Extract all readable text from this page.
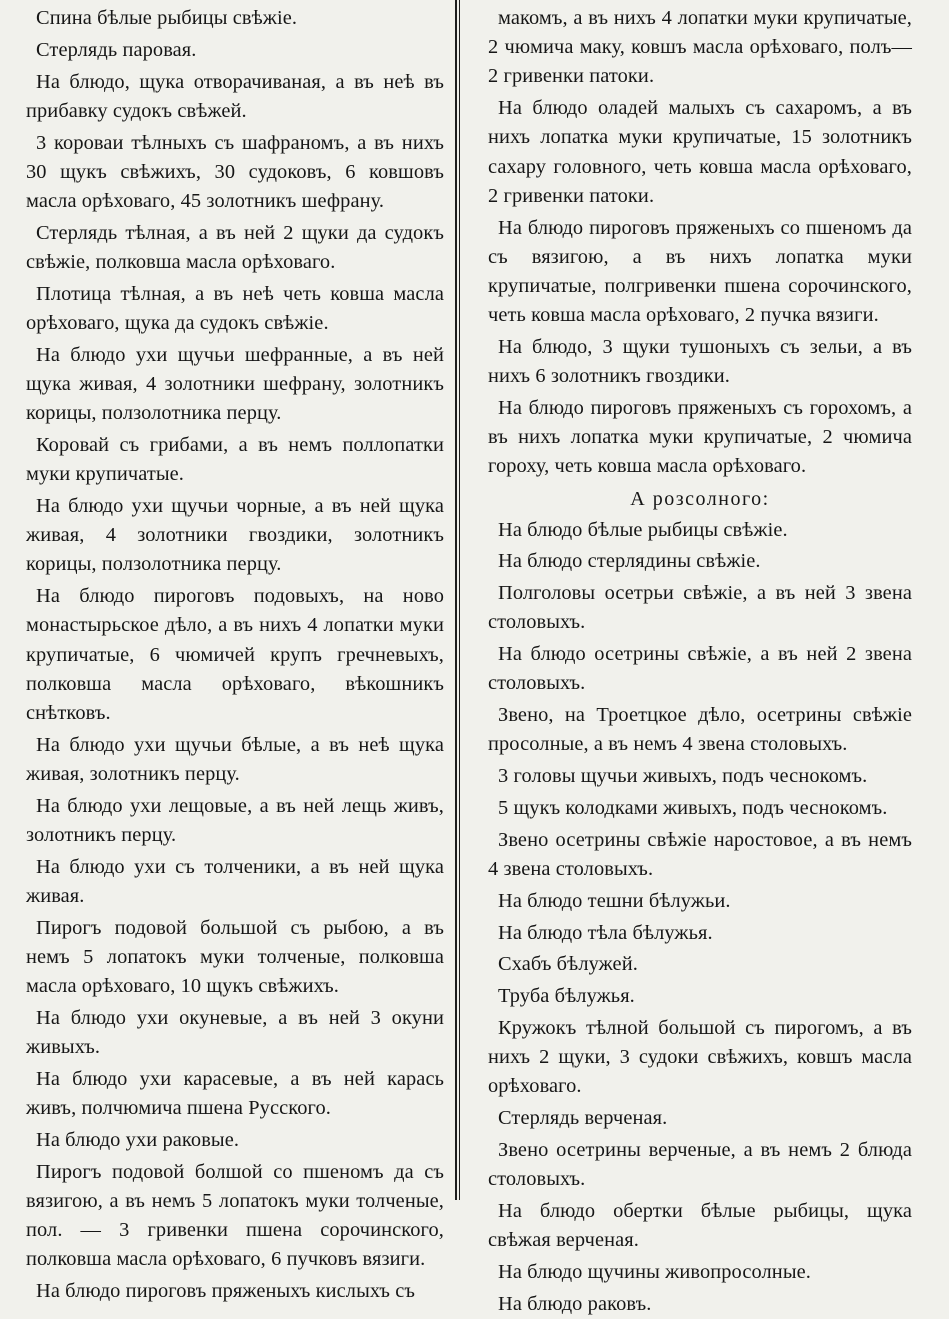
Спина бѣлые рыбицы свѣжіе.

Стерлядь паровая.

На блюдо, щука отворачиваная, а въ неѣ въ прибавку судокъ свѣжей.

3 короваи тѣлныхъ съ шафраномъ, а въ нихъ 30 щукъ свѣжихъ, 30 судоковъ, 6 ковшовъ масла орѣховаго, 45 золотникъ шефрану.

Стерлядь тѣлная, а въ ней 2 щуки да судокъ свѣжіе, полковша масла орѣховаго.

Плотица тѣлная, а въ неѣ четь ковша масла орѣховаго, щука да судокъ свѣжіе.

На блюдо ухи щучьи шефранные, а въ ней щука живая, 4 золотники шефрану, золотникъ корицы, ползолотника перцу.

Коровай съ грибами, а въ немъ поллопатки муки крупичатые.

На блюдо ухи щучьи чорные, а въ ней щука живая, 4 золотники гвоздики, золотникъ корицы, ползолотника перцу.

На блюдо пироговъ подовыхъ, на ново монастырьское дѣло, а въ нихъ 4 лопатки муки крупичатые, 6 чюмичей крупъ гречневыхъ, полковша масла орѣховаго, вѣкошникъ снѣтковъ.

На блюдо ухи щучьи бѣлые, а въ неѣ щука живая, золотникъ перцу.

На блюдо ухи лещовые, а въ ней лещь живъ, золотникъ перцу.

На блюдо ухи съ толченики, а въ ней щука живая.

Пирогъ подовой большой съ рыбою, а въ немъ 5 лопатокъ муки толченые, полковша масла орѣховаго, 10 щукъ свѣжихъ.

На блюдо ухи окуневые, а въ ней 3 окуни живыхъ.

На блюдо ухи карасевые, а въ ней карась живъ, полчюмича пшена Русского.

На блюдо ухи раковые.

Пирогъ подовой болшой со пшеномъ да съ вязигою, а въ немъ 5 лопатокъ муки толченые, пол. — 3 гривенки пшена сорочинского, полковша масла орѣховаго, 6 пучковъ вязиги.

На блюдо пироговъ пряженыхъ кислыхъ съ

макомъ, а въ нихъ 4 лопатки муки крупичатые, 2 чюмича маку, ковшъ масла орѣховаго, полъ—2 гривенки патоки.

На блюдо оладей малыхъ съ сахаромъ, а въ нихъ лопатка муки крупичатые, 15 золотникъ сахару головного, четь ковша масла орѣховаго, 2 гривенки патоки.

На блюдо пироговъ пряженыхъ со пшеномъ да съ вязигою, а въ нихъ лопатка муки крупичатые, полгривенки пшена сорочинского, четь ковша масла орѣховаго, 2 пучка вязиги.

На блюдо, 3 щуки тушоныхъ съ зельи, а въ нихъ 6 золотникъ гвоздики.

На блюдо пироговъ пряженыхъ съ горохомъ, а въ нихъ лопатка муки крупичатые, 2 чюмича гороху, четь ковша масла орѣховаго.

А розсолного:

На блюдо бѣлые рыбицы свѣжіе.

На блюдо стерлядины свѣжіе.

Полголовы осетрьи свѣжіе, а въ ней 3 звена столовыхъ.

На блюдо осетрины свѣжіе, а въ ней 2 звена столовыхъ.

Звено, на Троетцкое дѣло, осетрины свѣжіе просолные, а въ немъ 4 звена столовыхъ.

3 головы щучьи живыхъ, подъ чеснокомъ.

5 щукъ колодками живыхъ, подъ чеснокомъ.

Звено осетрины свѣжіе наростовое, а въ немъ 4 звена столовыхъ.

На блюдо тешни бѣлужьи.

На блюдо тѣла бѣлужья.

Схабъ бѣлужей.

Труба бѣлужья.

Кружокъ тѣлной большой съ пирогомъ, а въ нихъ 2 щуки, 3 судоки свѣжихъ, ковшъ масла орѣховаго.

Стерлядь верченая.

Звено осетрины верченые, а въ немъ 2 блюда столовыхъ.

На блюдо обертки бѣлые рыбицы, щука свѣжая верченая.

На блюдо щучины живопросолные.

На блюдо раковъ.
